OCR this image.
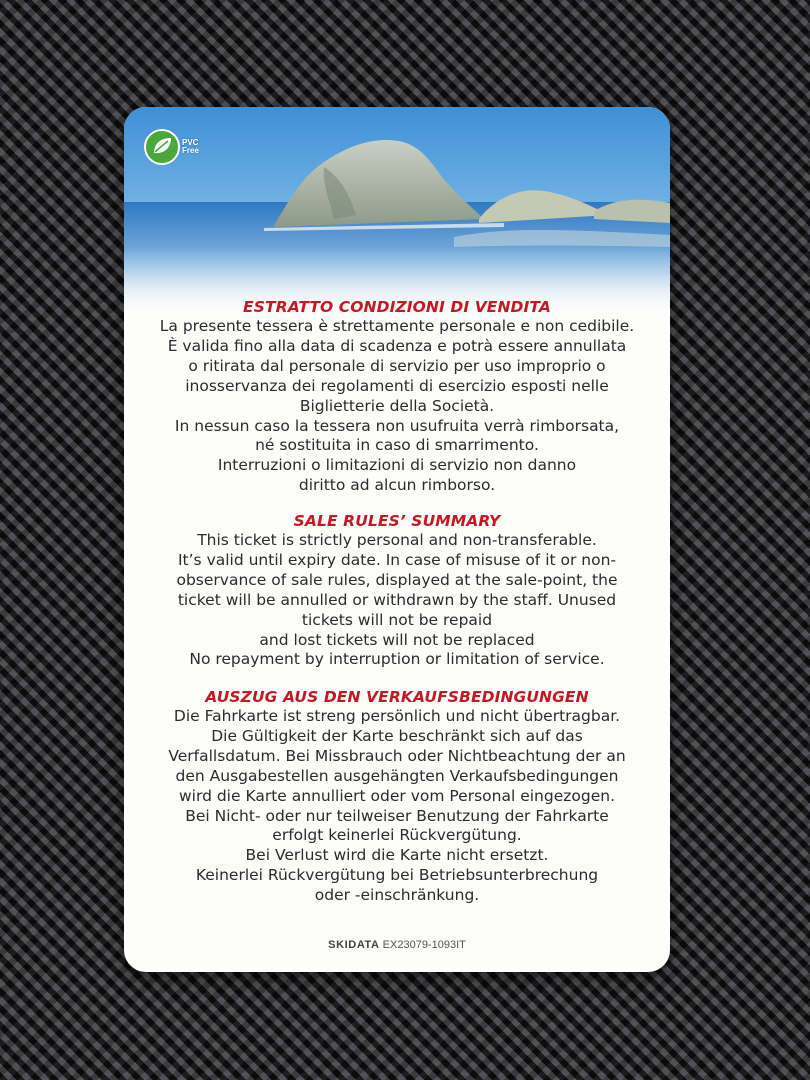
PVC
Free
ESTRATTO CONDIZIONI DI VENDITA
La presente tessera è strettamente personale e non cedibile.
È valida fino alla data di scadenza e potrà essere annullata
o ritirata dal personale di servizio per uso improprio o
inosservanza dei regolamenti di esercizio esposti nelle
Biglietterie della Società.
In nessun caso la tessera non usufruita verrà rimborsata,
né sostituita in caso di smarrimento.
Interruzioni o limitazioni di servizio non danno
diritto ad alcun rimborso.
SALE RULES’ SUMMARY
This ticket is strictly personal and non-transferable.
It’s valid until expiry date. In case of misuse of it or non-
observance of sale rules, displayed at the sale-point, the
ticket will be annulled or withdrawn by the staff. Unused
tickets will not be repaid
and lost tickets will not be replaced
No repayment by interruption or limitation of service.
AUSZUG AUS DEN VERKAUFSBEDINGUNGEN
Die Fahrkarte ist streng persönlich und nicht übertragbar.
Die Gültigkeit der Karte beschränkt sich auf das
Verfallsdatum. Bei Missbrauch oder Nichtbeachtung der an
den Ausgabestellen ausgehängten Verkaufsbedingungen
wird die Karte annulliert oder vom Personal eingezogen.
Bei Nicht- oder nur teilweiser Benutzung der Fahrkarte
erfolgt keinerlei Rückvergütung.
Bei Verlust wird die Karte nicht ersetzt.
Keinerlei Rückvergütung bei Betriebsunterbrechung
oder -einschränkung.
SKIDATA EX23079-1093IT
